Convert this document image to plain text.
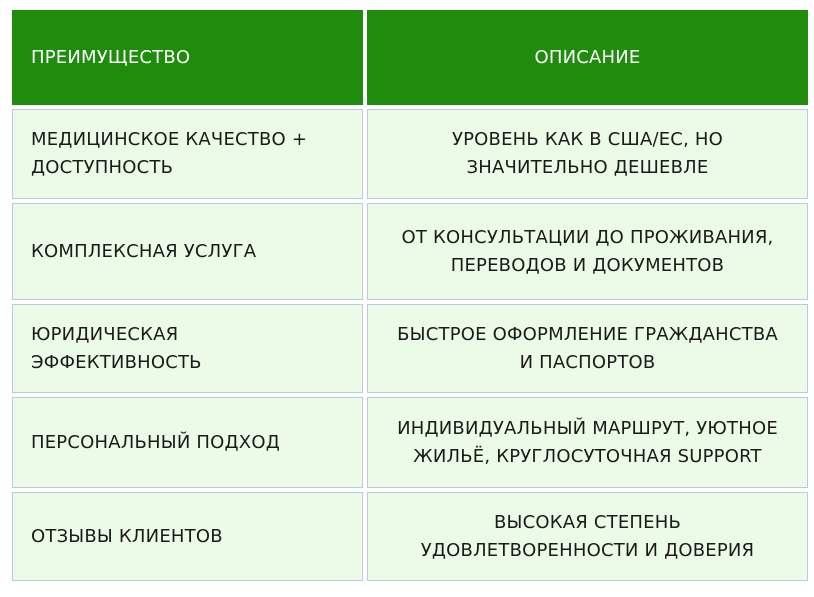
ПРЕИМУЩЕСТВО	ОПИСАНИЕ
МЕДИЦИНСКОЕ КАЧЕСТВО +
ДОСТУПНОСТЬ
УРОВЕНЬ КАК В США/ЕС, НО
ЗНАЧИТЕЛЬНО ДЕШЕВЛЕ
КОМПЛЕКСНАЯ УСЛУГА
ОТ КОНСУЛЬТАЦИИ ДО ПРОЖИВАНИЯ,
ПЕРЕВОДОВ И ДОКУМЕНТОВ
ЮРИДИЧЕСКАЯ
ЭФФЕКТИВНОСТЬ
БЫСТРОЕ ОФОРМЛЕНИЕ ГРАЖДАНСТВА
И ПАСПОРТОВ
ПЕРСОНАЛЬНЫЙ ПОДХОД
ИНДИВИДУАЛЬНЫЙ МАРШРУТ, УЮТНОЕ
ЖИЛЬЁ, КРУГЛОСУТОЧНАЯ SUPPORT
ОТЗЫВЫ КЛИЕНТОВ
ВЫСОКАЯ СТЕПЕНЬ
УДОВЛЕТВОРЕННОСТИ И ДОВЕРИЯ
